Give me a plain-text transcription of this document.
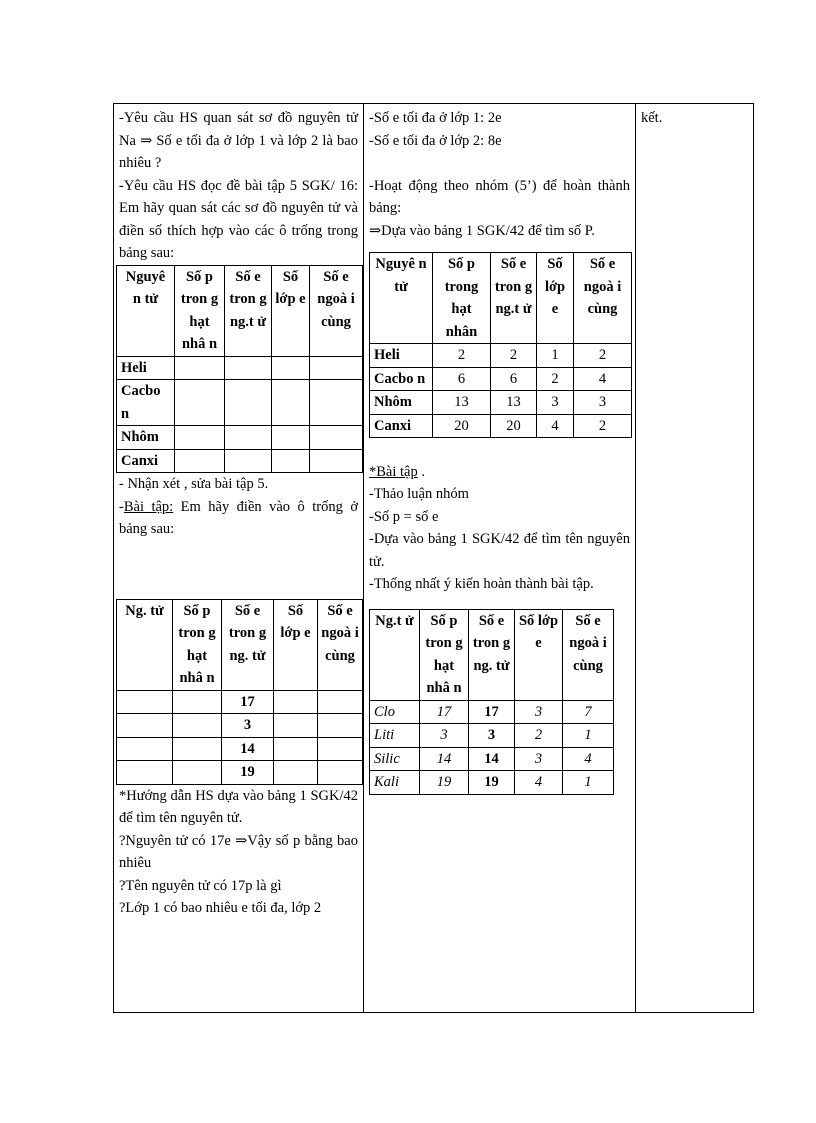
-Yêu cầu HS quan sát sơ đồ nguyên tử Na ⇒ Số e tối đa ở lớp 1 và lớp 2 là bao nhiêu ?

-Yêu cầu HS đọc đề bài tập 5 SGK/ 16: Em hãy quan sát các sơ đồ nguyên tử và điền số thích hợp vào các ô trống trong bảng sau:

Nguyê n tử	Số p tron g hạt nhâ n	Số e tron g ng.t ử	Số lớp e	Số e ngoà i cùng
Heli				
Cacbo n				
Nhôm				
Canxi				

- Nhận xét , sửa bài tập 5.

-Bài tập: Em hãy điền vào ô trống ở bảng sau:

Ng. tử	Số p tron g hạt nhâ n	Số e tron g ng. tử	Số lớp e	Số e ngoà i cùng
		17		
		3		
		14		
		19		

*Hướng dẫn HS dựa vào bảng 1 SGK/42 để tìm tên nguyên tử.

?Nguyên tử có 17e ⇒Vậy số p bằng bao nhiêu

?Tên nguyên tử có 17p là gì

?Lớp 1 có bao nhiêu e tối đa, lớp 2

-Số e tối đa ở lớp 1: 2e

-Số e tối đa ở lớp 2: 8e

-Hoạt động theo nhóm (5’) để hoàn thành bảng:

⇒Dựa vào bảng 1 SGK/42 để tìm số P.

Nguyê n tử	Số p trong hạt nhân	Số e tron g ng.t ử	Số lớp e	Số e ngoà i cùng
Heli	2	2	1	2
Cacbo n	6	6	2	4
Nhôm	13	13	3	3
Canxi	20	20	4	2

*Bài tập .

-Thảo luận nhóm

-Số p = số e

-Dựa vào bảng 1 SGK/42 để tìm tên nguyên tử.

-Thống nhất ý kiến hoàn thành bài tập.

Ng.t ử	Số p tron g hạt nhâ n	Số e tron g ng. tử	Số lớp e	Số e ngoà i cùng
Clo	17	17	3	7
Liti	3	3	2	1
Silic	14	14	3	4
Kali	19	19	4	1

kết.
